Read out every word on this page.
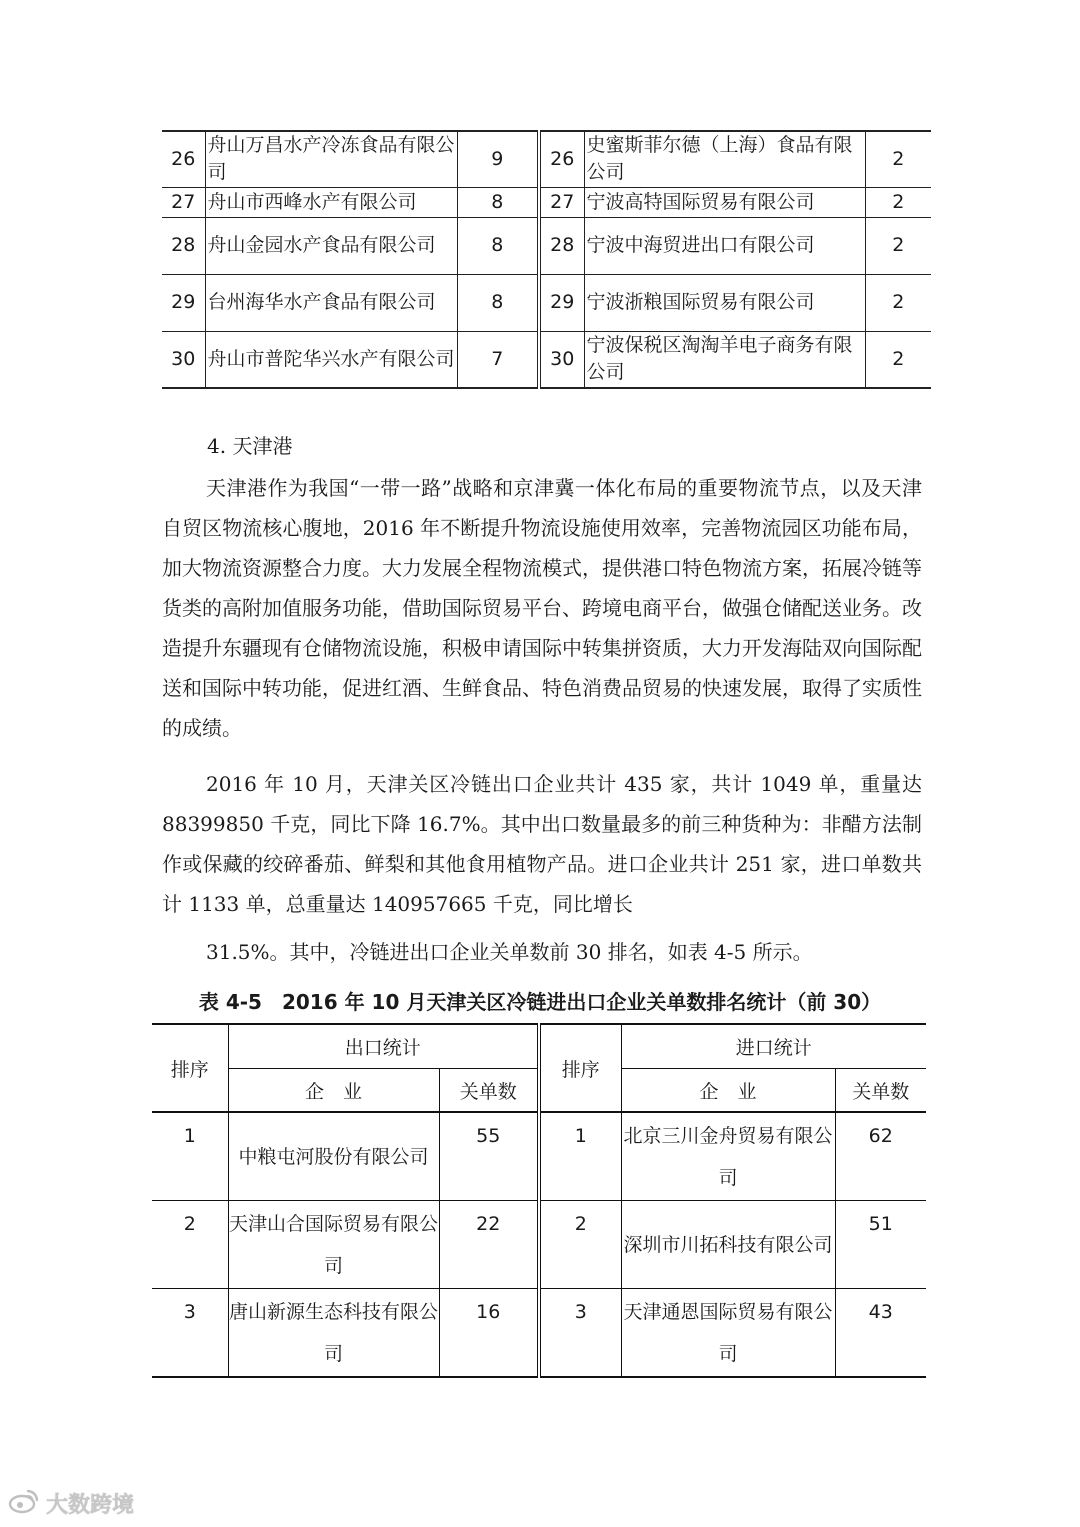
26	舟山万昌水产冷冻食品有限公司	9	26	史蜜斯菲尔德（上海）食品有限公司	2
27	舟山市西峰水产有限公司	8	27	宁波高特国际贸易有限公司	2
28	舟山金园水产食品有限公司	8	28	宁波中海贸进出口有限公司	2
29	台州海华水产食品有限公司	8	29	宁波浙粮国际贸易有限公司	2
30	舟山市普陀华兴水产有限公司	7	30	宁波保税区淘淘羊电子商务有限公司	2
4. 天津港

天津港作为我国“一带一路”战略和京津冀一体化布局的重要物流节点，以及天津自贸区物流核心腹地，2016 年不断提升物流设施使用效率，完善物流园区功能布局，加大物流资源整合力度。大力发展全程物流模式，提供港口特色物流方案，拓展冷链等货类的高附加值服务功能，借助国际贸易平台、跨境电商平台，做强仓储配送业务。改造提升东疆现有仓储物流设施，积极申请国际中转集拼资质，大力开发海陆双向国际配送和国际中转功能，促进红酒、生鲜食品、特色消费品贸易的快速发展，取得了实质性的成绩。

2016 年 10 月，天津关区冷链出口企业共计 435 家，共计 1049 单，重量达 88399850 千克，同比下降 16.7%。其中出口数量最多的前三种货种为：非醋方法制作或保藏的绞碎番茄、鲜梨和其他食用植物产品。进口企业共计 251 家，进口单数共计 1133 单，总重量达 140957665 千克，同比增长

31.5%。其中，冷链进出口企业关单数前 30 排名，如表 4-5 所示。

表 4-5　2016 年 10 月天津关区冷链进出口企业关单数排名统计（前 30）
排序	出口统计		排序	进口统计	
	企　业	关单数		企　业	关单数
1	中粮屯河股份有限公司	55	1	北京三川金舟贸易有限公司	62
2	天津山合国际贸易有限公司	22	2	深圳市川拓科技有限公司	51
3	唐山新源生态科技有限公司	16	3	天津通恩国际贸易有限公司	43
大数跨境
